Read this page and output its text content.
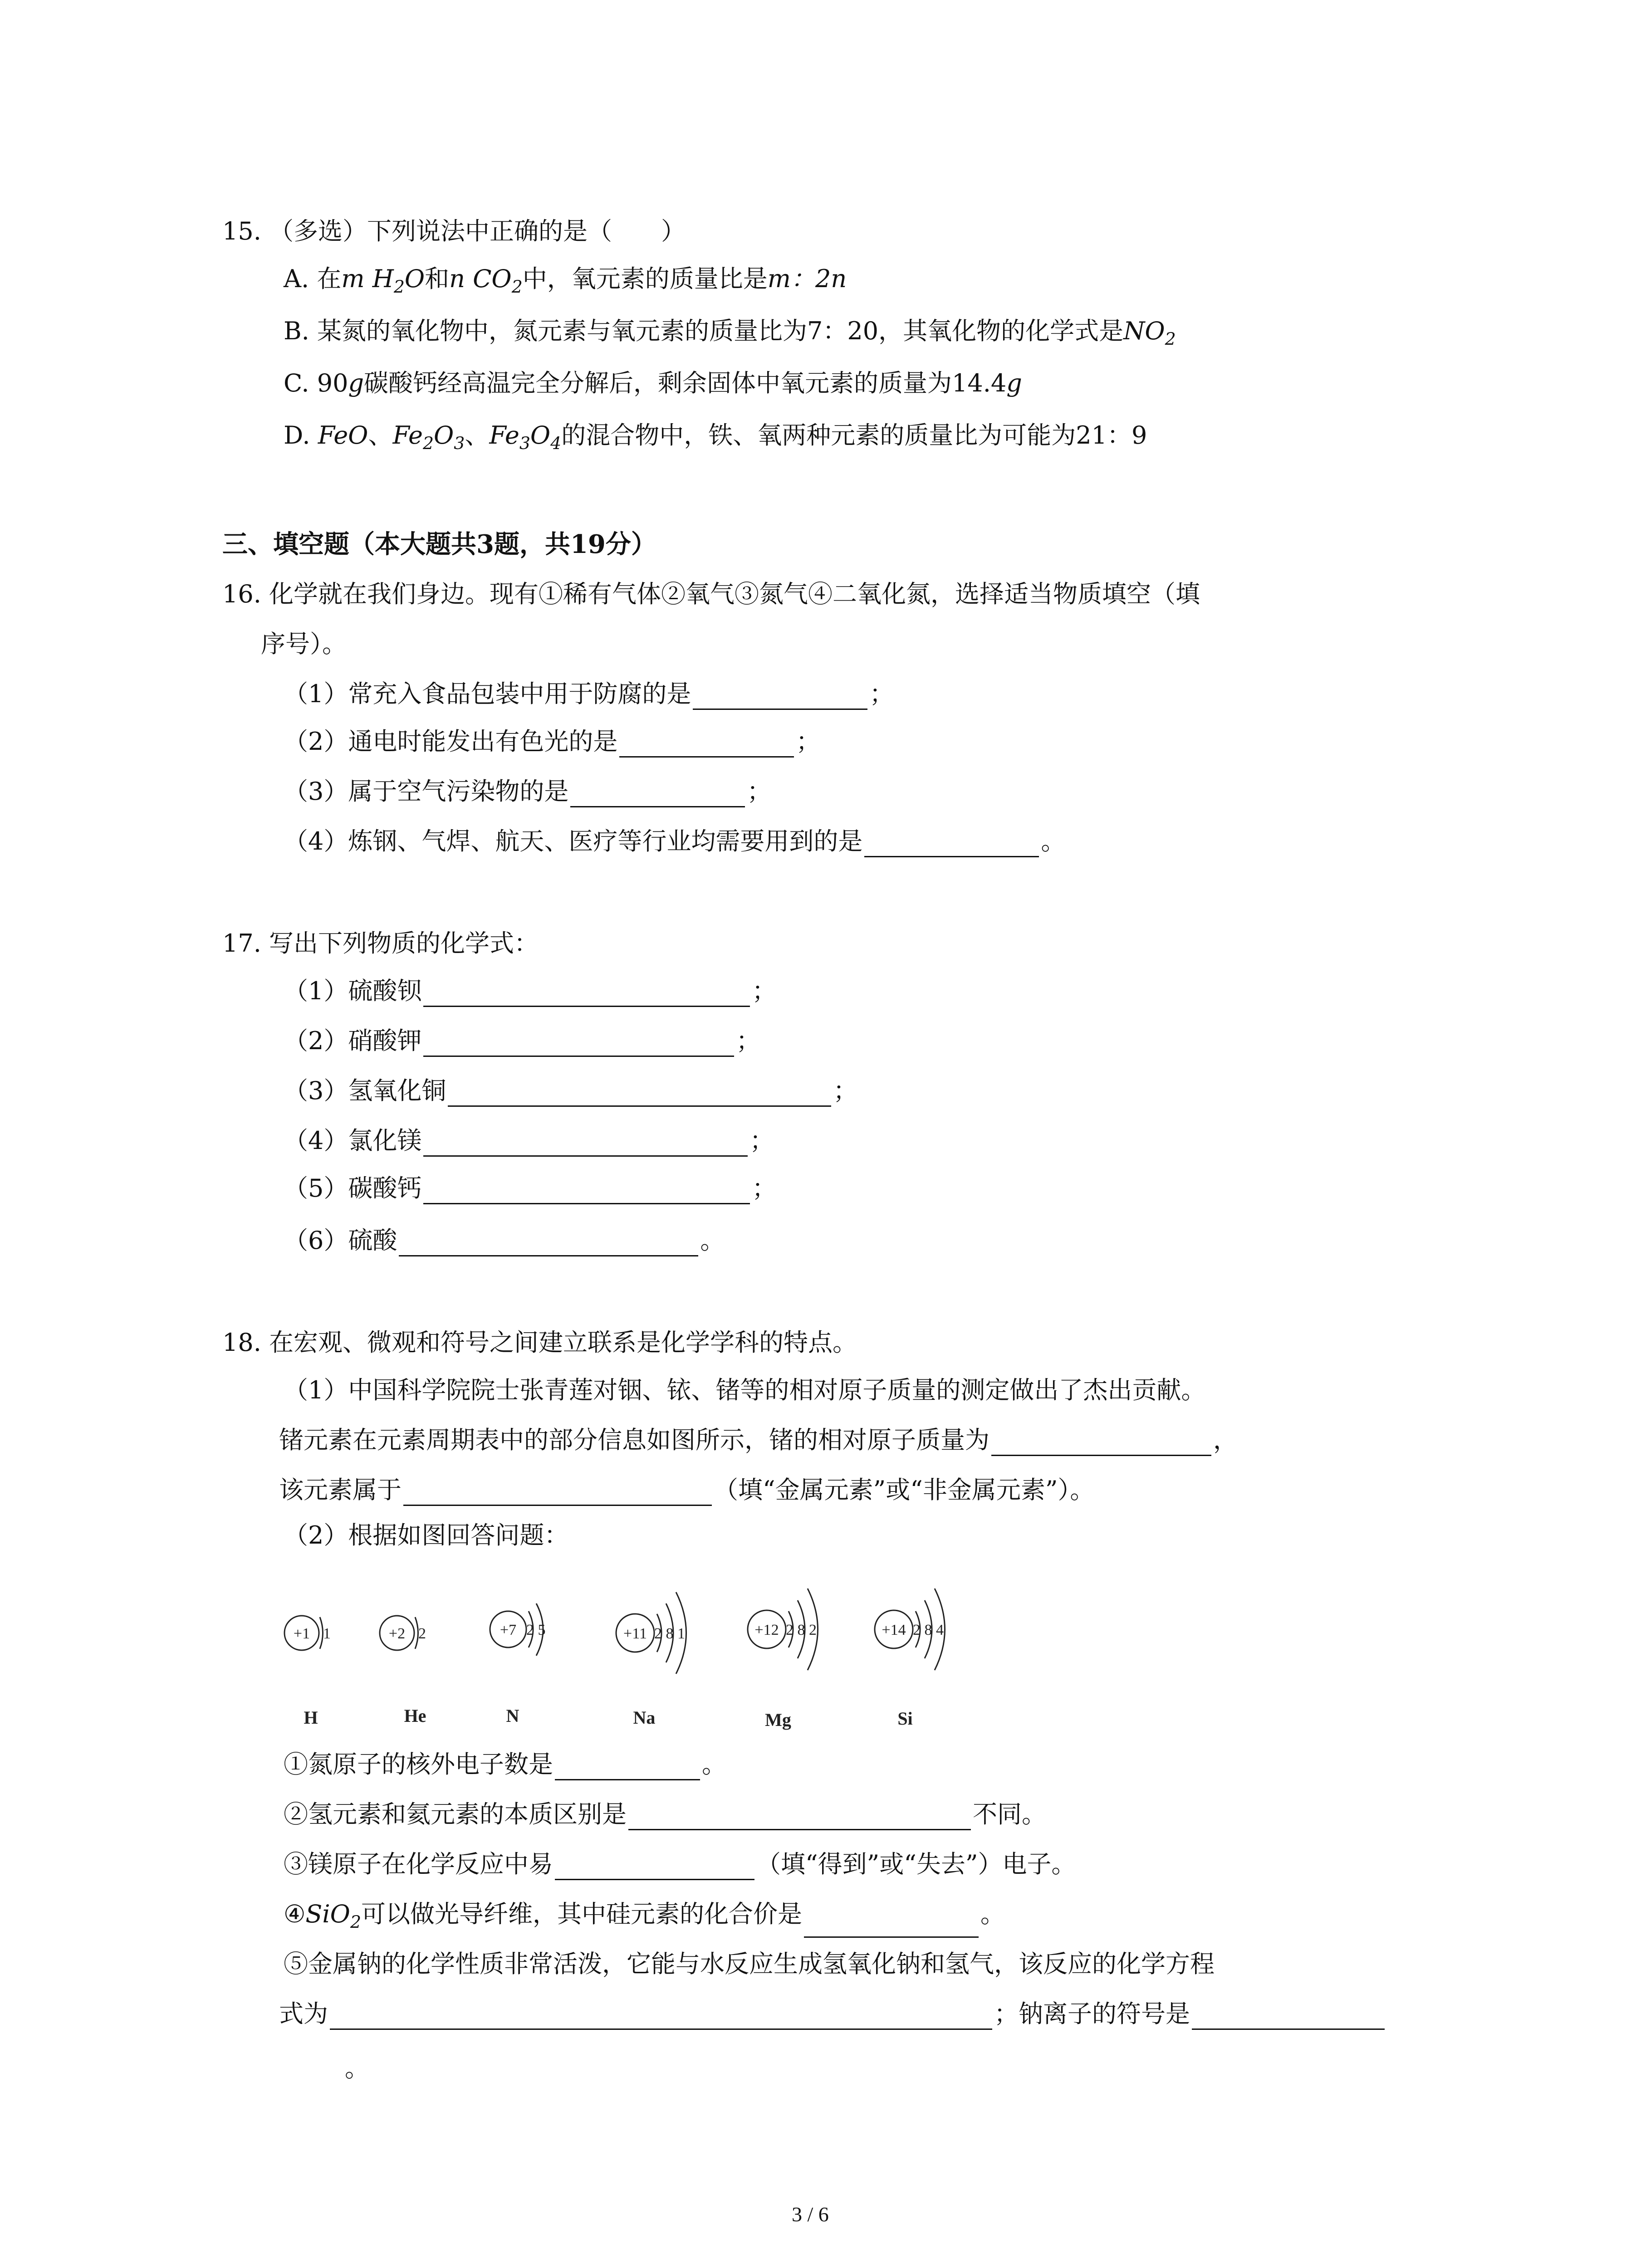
15. （多选）下列说法中正确的是（　　）
A. 在m $H_2O$和n $CO_2$中，氧元素的质量比是m：2n
B. 某氮的氧化物中，氮元素与氧元素的质量比为7：20，其氧化物的化学式是$NO_2$
C. 90g碳酸钙经高温完全分解后，剩余固体中氧元素的质量为14.4g
D. FeO、$Fe_2O_3$、$Fe_3O_4$的混合物中，铁、氧两种元素的质量比为可能为21：9
三、填空题（本大题共3题，共19分）
16. 化学就在我们身边。现有①稀有气体②氧气③氮气④二氧化氮，选择适当物质填空（填
序号）。
（1）常充入食品包装中用于防腐的是	；
（2）通电时能发出有色光的是	；
（3）属于空气污染物的是	；
（4）炼钢、气焊、航天、医疗等行业均需要用到的是	。
17. 写出下列物质的化学式：
（1）硫酸钡	；
（2）硝酸钾	；
（3）氢氧化铜	；
（4）氯化镁	；
（5）碳酸钙	；
（6）硫酸	。
18. 在宏观、微观和符号之间建立联系是化学学科的特点。
（1）中国科学院院士张青莲对铟、铱、锗等的相对原子质量的测定做出了杰出贡献。
锗元素在元素周期表中的部分信息如图所示，锗的相对原子质量为	，
该元素属于	（填“金属元素”或“非金属元素”）。
（2）根据如图回答问题：
+1 1	+2 2	+7 2 5	+11 2 8 1	+12 2 8 2	+14 2 8 4
H	He	N	Na	Mg	Si
①氮原子的核外电子数是	。
②氢元素和氦元素的本质区别是	不同。
③镁原子在化学反应中易	（填“得到”或“失去”）电子。
④SiO$_2$可以做光导纤维，其中硅元素的化合价是	。
⑤金属钠的化学性质非常活泼，它能与水反应生成氢氧化钠和氢气，该反应的化学方程
式为	；钠离子的符号是
。
3 / 6
